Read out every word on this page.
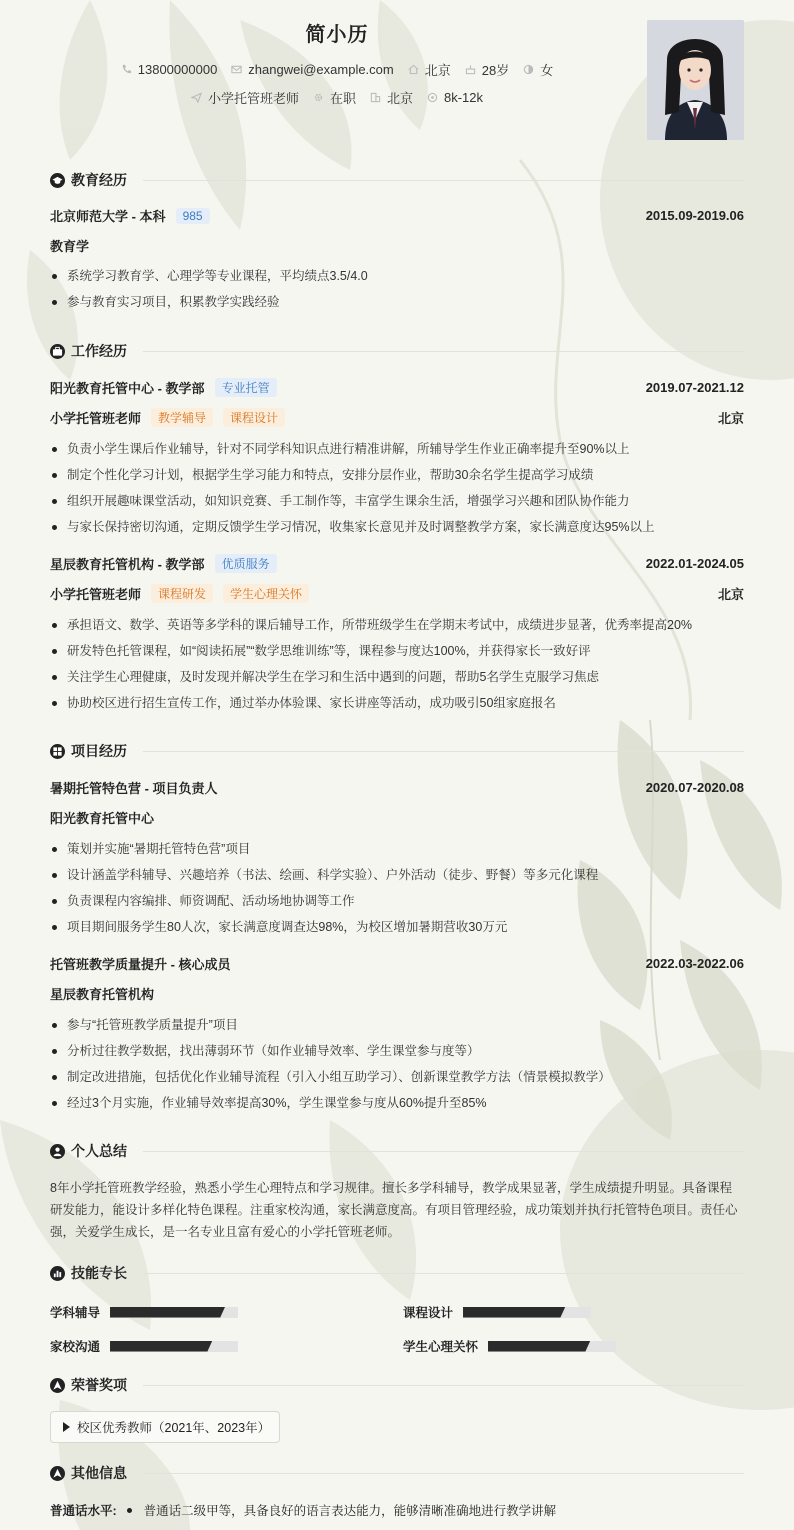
简小历
13800000000 zhangwei@example.com 北京 28岁 女
小学托管班老师 在职 北京 8k-12k
教育经历
北京师范大学 - 本科	985	2015.09-2019.06
教育学
系统学习教育学、心理学等专业课程，平均绩点3.5/4.0
参与教育实习项目，积累教学实践经验
工作经历
阳光教育托管中心 - 教学部	专业托管	2019.07-2021.12
小学托管班老师	教学辅导	课程设计	北京
负责小学生课后作业辅导，针对不同学科知识点进行精准讲解，所辅导学生作业正确率提升至90%以上
制定个性化学习计划，根据学生学习能力和特点，安排分层作业，帮助30余名学生提高学习成绩
组织开展趣味课堂活动，如知识竞赛、手工制作等，丰富学生课余生活，增强学习兴趣和团队协作能力
与家长保持密切沟通，定期反馈学生学习情况，收集家长意见并及时调整教学方案，家长满意度达95%以上
星辰教育托管机构 - 教学部	优质服务	2022.01-2024.05
小学托管班老师	课程研发	学生心理关怀	北京
承担语文、数学、英语等多学科的课后辅导工作，所带班级学生在学期末考试中，成绩进步显著，优秀率提高20%
研发特色托管课程，如“阅读拓展”“数学思维训练”等，课程参与度达100%，并获得家长一致好评
关注学生心理健康，及时发现并解决学生在学习和生活中遇到的问题，帮助5名学生克服学习焦虑
协助校区进行招生宣传工作，通过举办体验课、家长讲座等活动，成功吸引50组家庭报名
项目经历
暑期托管特色营 - 项目负责人	2020.07-2020.08
阳光教育托管中心
策划并实施“暑期托管特色营”项目
设计涵盖学科辅导、兴趣培养（书法、绘画、科学实验）、户外活动（徒步、野餐）等多元化课程
负责课程内容编排、师资调配、活动场地协调等工作
项目期间服务学生80人次，家长满意度调查达98%，为校区增加暑期营收30万元
托管班教学质量提升 - 核心成员	2022.03-2022.06
星辰教育托管机构
参与“托管班教学质量提升”项目
分析过往教学数据，找出薄弱环节（如作业辅导效率、学生课堂参与度等）
制定改进措施，包括优化作业辅导流程（引入小组互助学习）、创新课堂教学方法（情景模拟教学）
经过3个月实施，作业辅导效率提高30%，学生课堂参与度从60%提升至85%
个人总结
8年小学托管班教学经验，熟悉小学生心理特点和学习规律。擅长多学科辅导，教学成果显著，学生成绩提升明显。具备课程研发能力，能设计多样化特色课程。注重家校沟通，家长满意度高。有项目管理经验，成功策划并执行托管特色项目。责任心强，关爱学生成长，是一名专业且富有爱心的小学托管班老师。
技能专长
学科辅导	课程设计
家校沟通	学生心理关怀
荣誉奖项
校区优秀教师（2021年、2023年）
其他信息
普通话水平: 普通话二级甲等，具备良好的语言表达能力，能够清晰准确地进行教学讲解
